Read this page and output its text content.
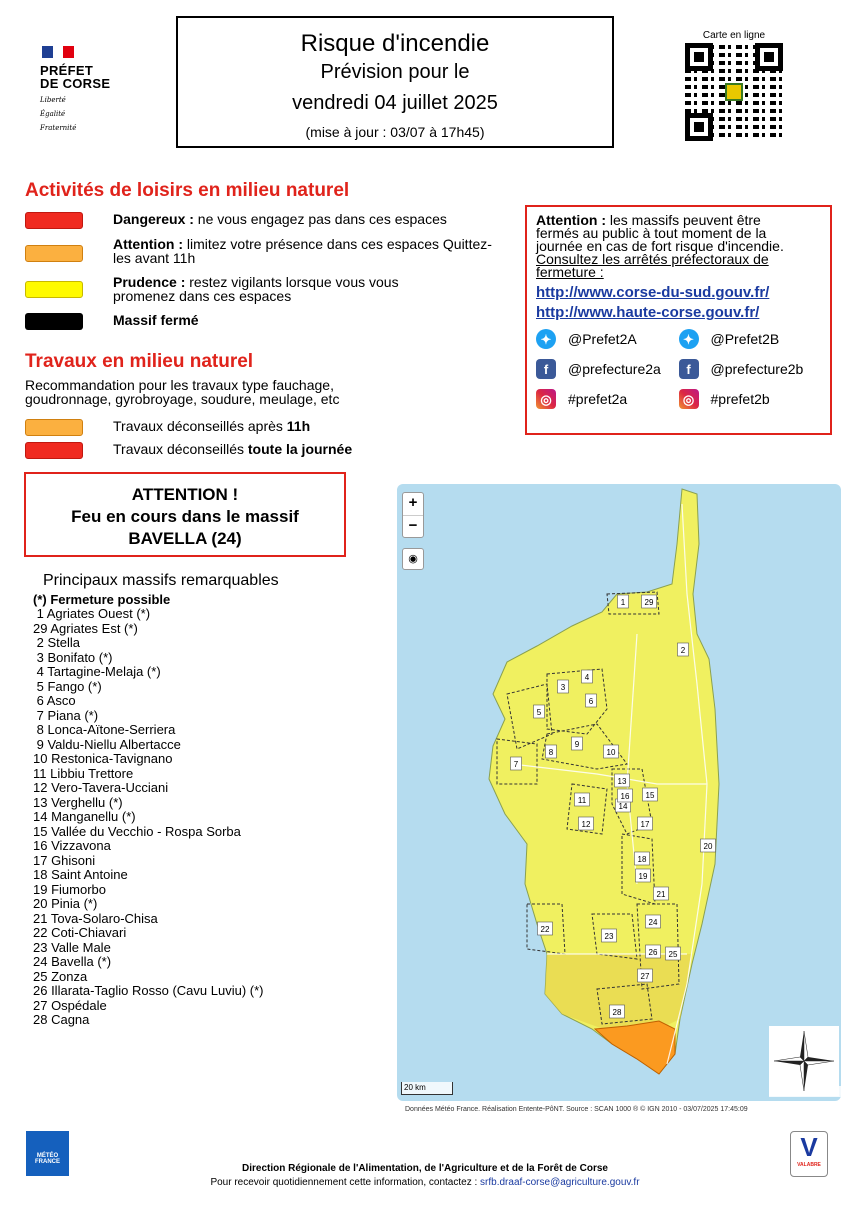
PRÉFET
DE CORSE
Liberté
Égalité
Fraternité
Risque d'incendie
Prévision pour le
vendredi 04 juillet 2025
(mise à jour : 03/07 à 17h45)
Carte en ligne
Activités de loisirs en milieu naturel
Dangereux : ne vous engagez pas dans ces espaces
Attention : limitez votre présence dans ces espaces Quittez-les avant 11h
Prudence : restez vigilants lorsque vous vous promenez dans ces espaces
Massif fermé
Travaux en milieu naturel
Recommandation pour les travaux type fauchage, goudronnage, gyrobroyage, soudure, meulage, etc
Travaux déconseillés après 11h
Travaux déconseillés toute la journée
Attention : les massifs peuvent être fermés au public à tout moment de la journée en cas de fort risque d'incendie.
Consultez les arrêtés préfectoraux de fermeture :
http://www.corse-du-sud.gouv.fr/
http://www.haute-corse.gouv.fr/
✦	@Prefet2A	✦	@Prefet2B
f	@prefecture2a	f	@prefecture2b
◎	#prefet2a	◎	#prefet2b
ATTENTION !
Feu en cours dans le massif
BAVELLA (24)
Principaux massifs remarquables
(*) Fermeture possible
1 Agriates Ouest (*)
29 Agriates Est (*)
2 Stella
3 Bonifato (*)
4 Tartagine-Melaja (*)
5 Fango (*)
6 Asco
7 Piana (*)
8 Lonca-Aïtone-Serriera
9 Valdu-Niellu Albertacce
10 Restonica-Tavignano
11 Libbiu Trettore
12 Vero-Tavera-Ucciani
13 Verghellu (*)
14 Manganellu (*)
15 Vallée du Vecchio - Rospa Sorba
16 Vizzavona
17 Ghisoni
18 Saint Antoine
19 Fiumorbo
20 Pinia (*)
21 Tova-Solaro-Chisa
22 Coti-Chiavari
23 Valle Male
24 Bavella (*)
25 Zonza
26 Illarata-Taglio Rosso (Cavu Luviu) (*)
27 Ospédale
28 Cagna
1 29
2
3
4
5
6
7
8
9
10
11
12
13
14
15
16
17
18
19
20
21
22
23
24
25
26
27
28
+
−
◉
20 km
Données Météo France. Réalisation Entente-PôNT. Source : SCAN 1000 ® © IGN 2010 - 03/07/2025 17:45:09
MÉTÉO FRANCE
Direction Régionale de l'Alimentation, de l'Agriculture et de la Forêt de Corse
Pour recevoir quotidiennement cette information, contactez : srfb.draaf-corse@agriculture.gouv.fr
V
VALABRE
